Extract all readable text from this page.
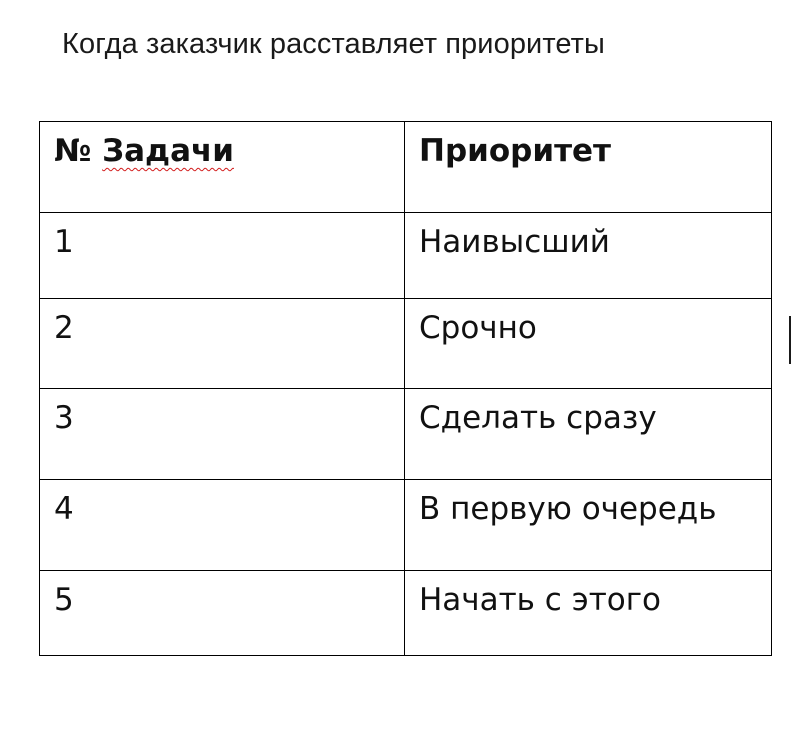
Когда заказчик расставляет приоритеты
№ Задачи	Приоритет
1	Наивысший
2	Срочно
3	Сделать сразу
4	В первую очередь
5	Начать с этого
